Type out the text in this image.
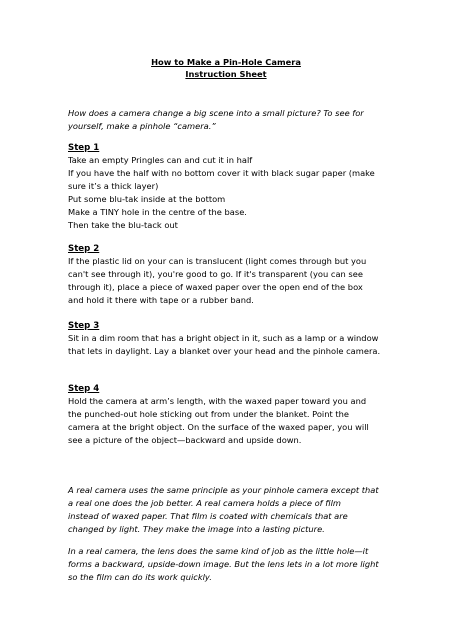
How to Make a Pin-Hole Camera
Instruction Sheet
How does a camera change a big scene into a small picture? To see for
yourself, make a pinhole “camera.”
Step 1
Take an empty Pringles can and cut it in half
If you have the half with no bottom cover it with black sugar paper (make
sure it’s a thick layer)
Put some blu-tak inside at the bottom
Make a TINY hole in the centre of the base.
Then take the blu-tack out
Step 2
If the plastic lid on your can is translucent (light comes through but you
can't see through it), you're good to go. If it's transparent (you can see
through it), place a piece of waxed paper over the open end of the box
and hold it there with tape or a rubber band.
Step 3
Sit in a dim room that has a bright object in it, such as a lamp or a window
that lets in daylight. Lay a blanket over your head and the pinhole camera.
Step 4
Hold the camera at arm’s length, with the waxed paper toward you and
the punched-out hole sticking out from under the blanket. Point the
camera at the bright object. On the surface of the waxed paper, you will
see a picture of the object—backward and upside down.
A real camera uses the same principle as your pinhole camera except that
a real one does the job better. A real camera holds a piece of film
instead of waxed paper. That film is coated with chemicals that are
changed by light. They make the image into a lasting picture.
In a real camera, the lens does the same kind of job as the little hole—it
forms a backward, upside-down image. But the lens lets in a lot more light
so the film can do its work quickly.
